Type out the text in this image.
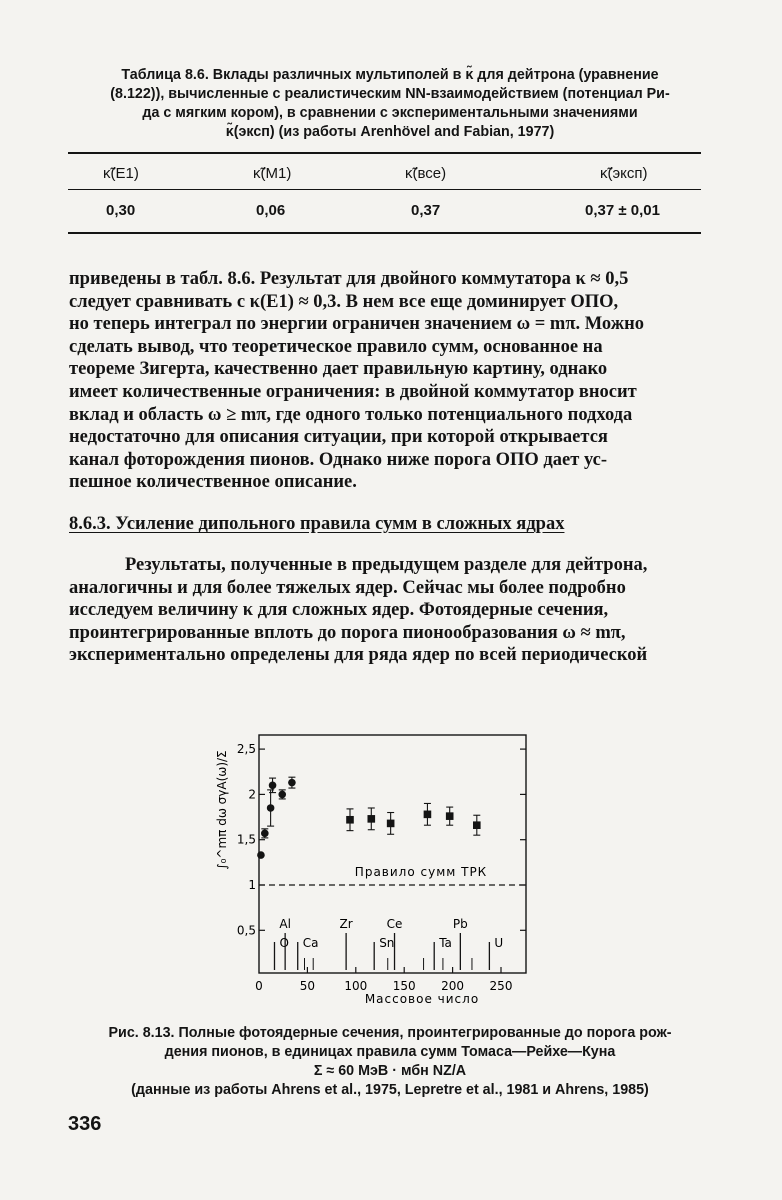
Таблица 8.6. Вклады различных мультиполей в κ̃ для дейтрона (уравнение
(8.122)), вычисленные с реалистическим NN-взаимодействием (потенциал Ри-
да с мягким кором), в сравнении с экспериментальными значениями
κ̃(эксп) (из работы Arenhövel and Fabian, 1977)
κ̃(E1)	κ̃(M1)	κ̃(все)	κ̃(эксп)
0,30	0,06	0,37	0,37 ± 0,01

приведены в табл. 8.6. Результат для двойного коммутатора κ ≈ 0,5

следует сравнивать с κ(E1) ≈ 0,3. В нем все еще доминирует ОПО,

но теперь интеграл по энергии ограничен значением ω = mπ. Можно

сделать вывод, что теоретическое правило сумм, основанное на

теореме Зигерта, качественно дает правильную картину, однако

имеет количественные ограничения: в двойной коммутатор вносит

вклад и область ω ≥ mπ, где одного только потенциального подхода

недостаточно для описания ситуации, при которой открывается

канал фоторождения пионов. Однако ниже порога ОПО дает ус-

пешное количественное описание.

8.6.3. Усиление дипольного правила сумм в сложных ядрах

Результаты, полученные в предыдущем разделе для дейтрона,

аналогичны и для более тяжелых ядер. Сейчас мы более подробно

исследуем величину κ для сложных ядер. Фотоядерные сечения,

проинтегрированные вплоть до порога пионообразования ω ≈ mπ,

экспериментально определены для ряда ядер по всей периодической

Правило сумм ТРК
O
Al
Ca
Zr
Sn
Ce
Ta
Pb
U
0	50 100 150 200 250
0,5
1
1,5
2
2,5
Массовое число
∫₀^mπ dω σγA(ω)/Σ
Рис. 8.13. Полные фотоядерные сечения, проинтегрированные до порога рож-
дения пионов, в единицах правила сумм Томаса—Рейхе—Куна
Σ ≈ 60 МэВ · мбн NZ/A
(данные из работы Ahrens et al., 1975, Lepretre et al., 1981 и Ahrens, 1985)
336
